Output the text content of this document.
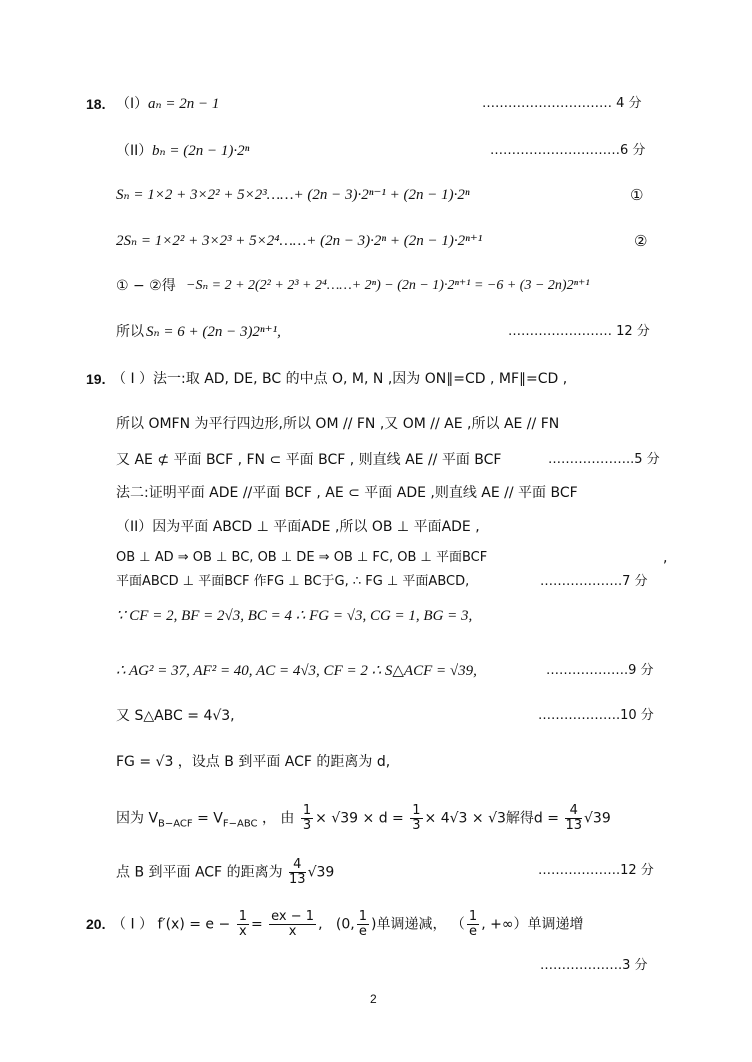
18. （I） aₙ = 2n − 1	………………………… 4 分
（II） bₙ = (2n − 1)·2ⁿ	…………………………6 分
Sₙ = 1×2 + 3×2² + 5×2³……+ (2n − 3)·2ⁿ⁻¹ + (2n − 1)·2ⁿ	①
2Sₙ = 1×2² + 3×2³ + 5×2⁴……+ (2n − 3)·2ⁿ + (2n − 1)·2ⁿ⁺¹	②
① − ②得 −Sₙ = 2 + 2(2² + 2³ + 2⁴……+ 2ⁿ) − (2n − 1)·2ⁿ⁺¹ = −6 + (3 − 2n)2ⁿ⁺¹
所以 Sₙ = 6 + (2n − 3)2ⁿ⁺¹,	…………………… 12 分
19. （ I ）法一:取 AD, DE, BC 的中点 O, M, N ,因为 ON∥=CD , MF∥=CD ,
所以 OMFN 为平行四边形,所以 OM // FN ,又 OM // AE ,所以 AE // FN
又 AE ⊄ 平面 BCF , FN ⊂ 平面 BCF , 则直线 AE // 平面 BCF	………………..5 分
法二:证明平面 ADE //平面 BCF , AE ⊂ 平面 ADE ,则直线 AE // 平面 BCF
（II）因为平面 ABCD ⊥ 平面ADE ,所以 OB ⊥ 平面ADE ,
OB ⊥ AD ⇒ OB ⊥ BC, OB ⊥ DE ⇒ OB ⊥ FC, OB ⊥ 平面BCF	,
平面ABCD ⊥ 平面BCF 作FG ⊥ BC于G, ∴ FG ⊥ 平面ABCD,	……………….7 分
∵ CF = 2, BF = 2√3, BC = 4 ∴ FG = √3, CG = 1, BG = 3,
∴ AG² = 37, AF² = 40, AC = 4√3, CF = 2 ∴ S△ACF = √39,	……………….9 分
又 S△ABC = 4√3,	……………….10 分
FG = √3 ，设点 B 到平面 ACF 的距离为 d,
因为 $V_{B-ACF} = V_{F-ABC}$ ， 由 $\frac{1}{3} \times √39 \times d = \frac{1}{3} \times 4√3 \times √3$解得$d = \frac{4}{13} √39$
点 B 到平面 ACF 的距离为 $\frac{4}{13} √39$	……………….12 分
20. （ I ） $f'(x) = e - \frac{1}{x} = \frac{ex - 1}{x}$ , (0, $\frac{1}{e}$ )单调递减， （ $\frac{1}{e}$ , +∞）单调递增
……………….3 分
2
